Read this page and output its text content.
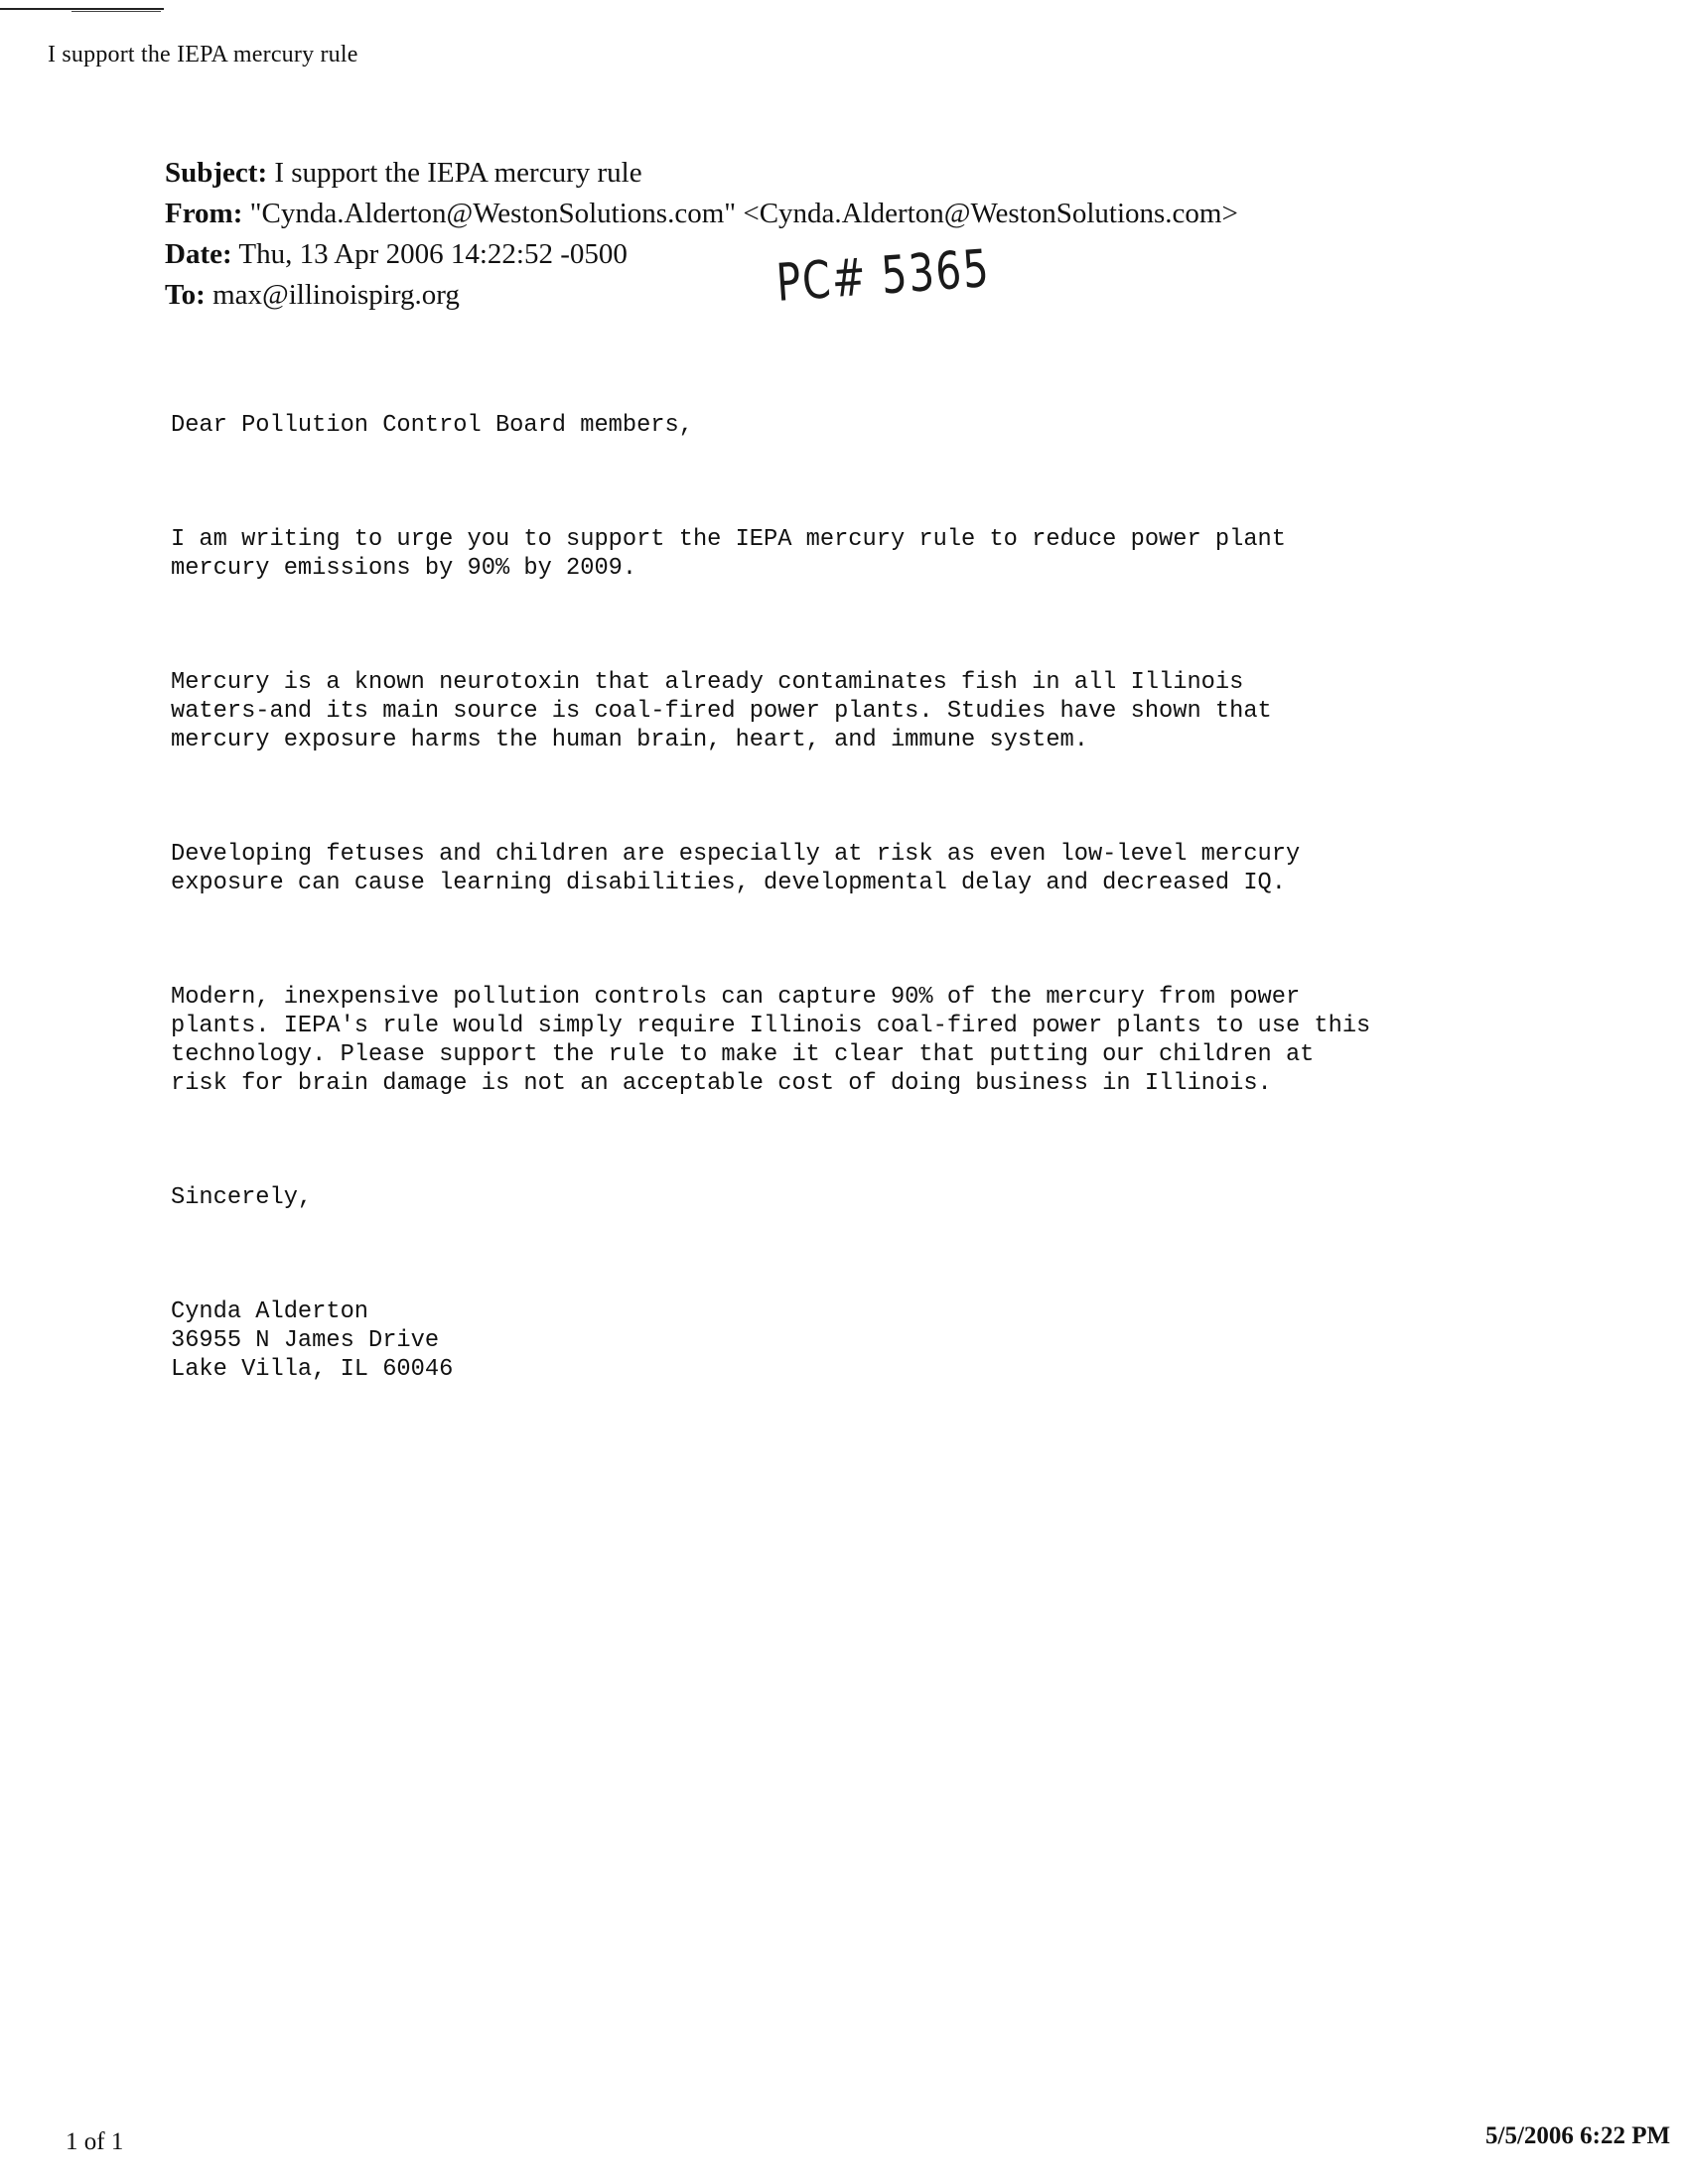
I support the IEPA mercury rule
Subject: I support the IEPA mercury rule
From: "Cynda.Alderton@WestonSolutions.com" <Cynda.Alderton@WestonSolutions.com>
Date: Thu, 13 Apr 2006 14:22:52 -0500
To: max@illinoispirg.org	PC# 5365

Dear Pollution Control Board members,

I am writing to urge you to support the IEPA mercury rule to reduce power plant
mercury emissions by 90% by 2009.

Mercury is a known neurotoxin that already contaminates fish in all Illinois
waters-and its main source is coal-fired power plants. Studies have shown that
mercury exposure harms the human brain, heart, and immune system.

Developing fetuses and children are especially at risk as even low-level mercury
exposure can cause learning disabilities, developmental delay and decreased IQ.

Modern, inexpensive pollution controls can capture 90% of the mercury from power
plants. IEPA's rule would simply require Illinois coal-fired power plants to use this
technology. Please support the rule to make it clear that putting our children at
risk for brain damage is not an acceptable cost of doing business in Illinois.

Sincerely,

Cynda Alderton
36955 N James Drive
Lake Villa, IL 60046

1 of 1	5/5/2006 6:22 PM
